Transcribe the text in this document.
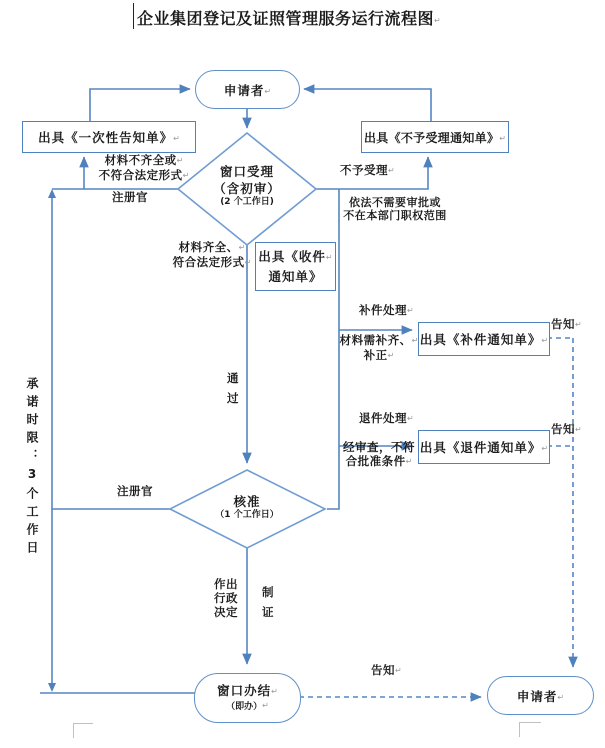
企业集团登记及证照管理服务运行流程图↵
申请者↵
出具《一次性告知单》↵	出具《不予受理通知单》↵
窗口受理
（含初审）
(2 个工作日)
出具《收件↵
通知单》
出具《补件通知单》↵
出具《退件通知单》↵
核准
（1 个工作日）
窗口办结↵
（即办）↵
申请者↵
材料不齐全或↵
不符合法定形式↵
注册官
不予受理↵
依法不需要审批或
不在本部门职权范围
材料齐全、↵
符合法定形式↵
通过
补件处理↵
材料需补齐、↵
补正↵
告知↵
退件处理↵
经审查，不符
合批准条件↵
告知↵
注册官
承诺时限：3个工作日
作出
行政
决定
制
证
告知↵
